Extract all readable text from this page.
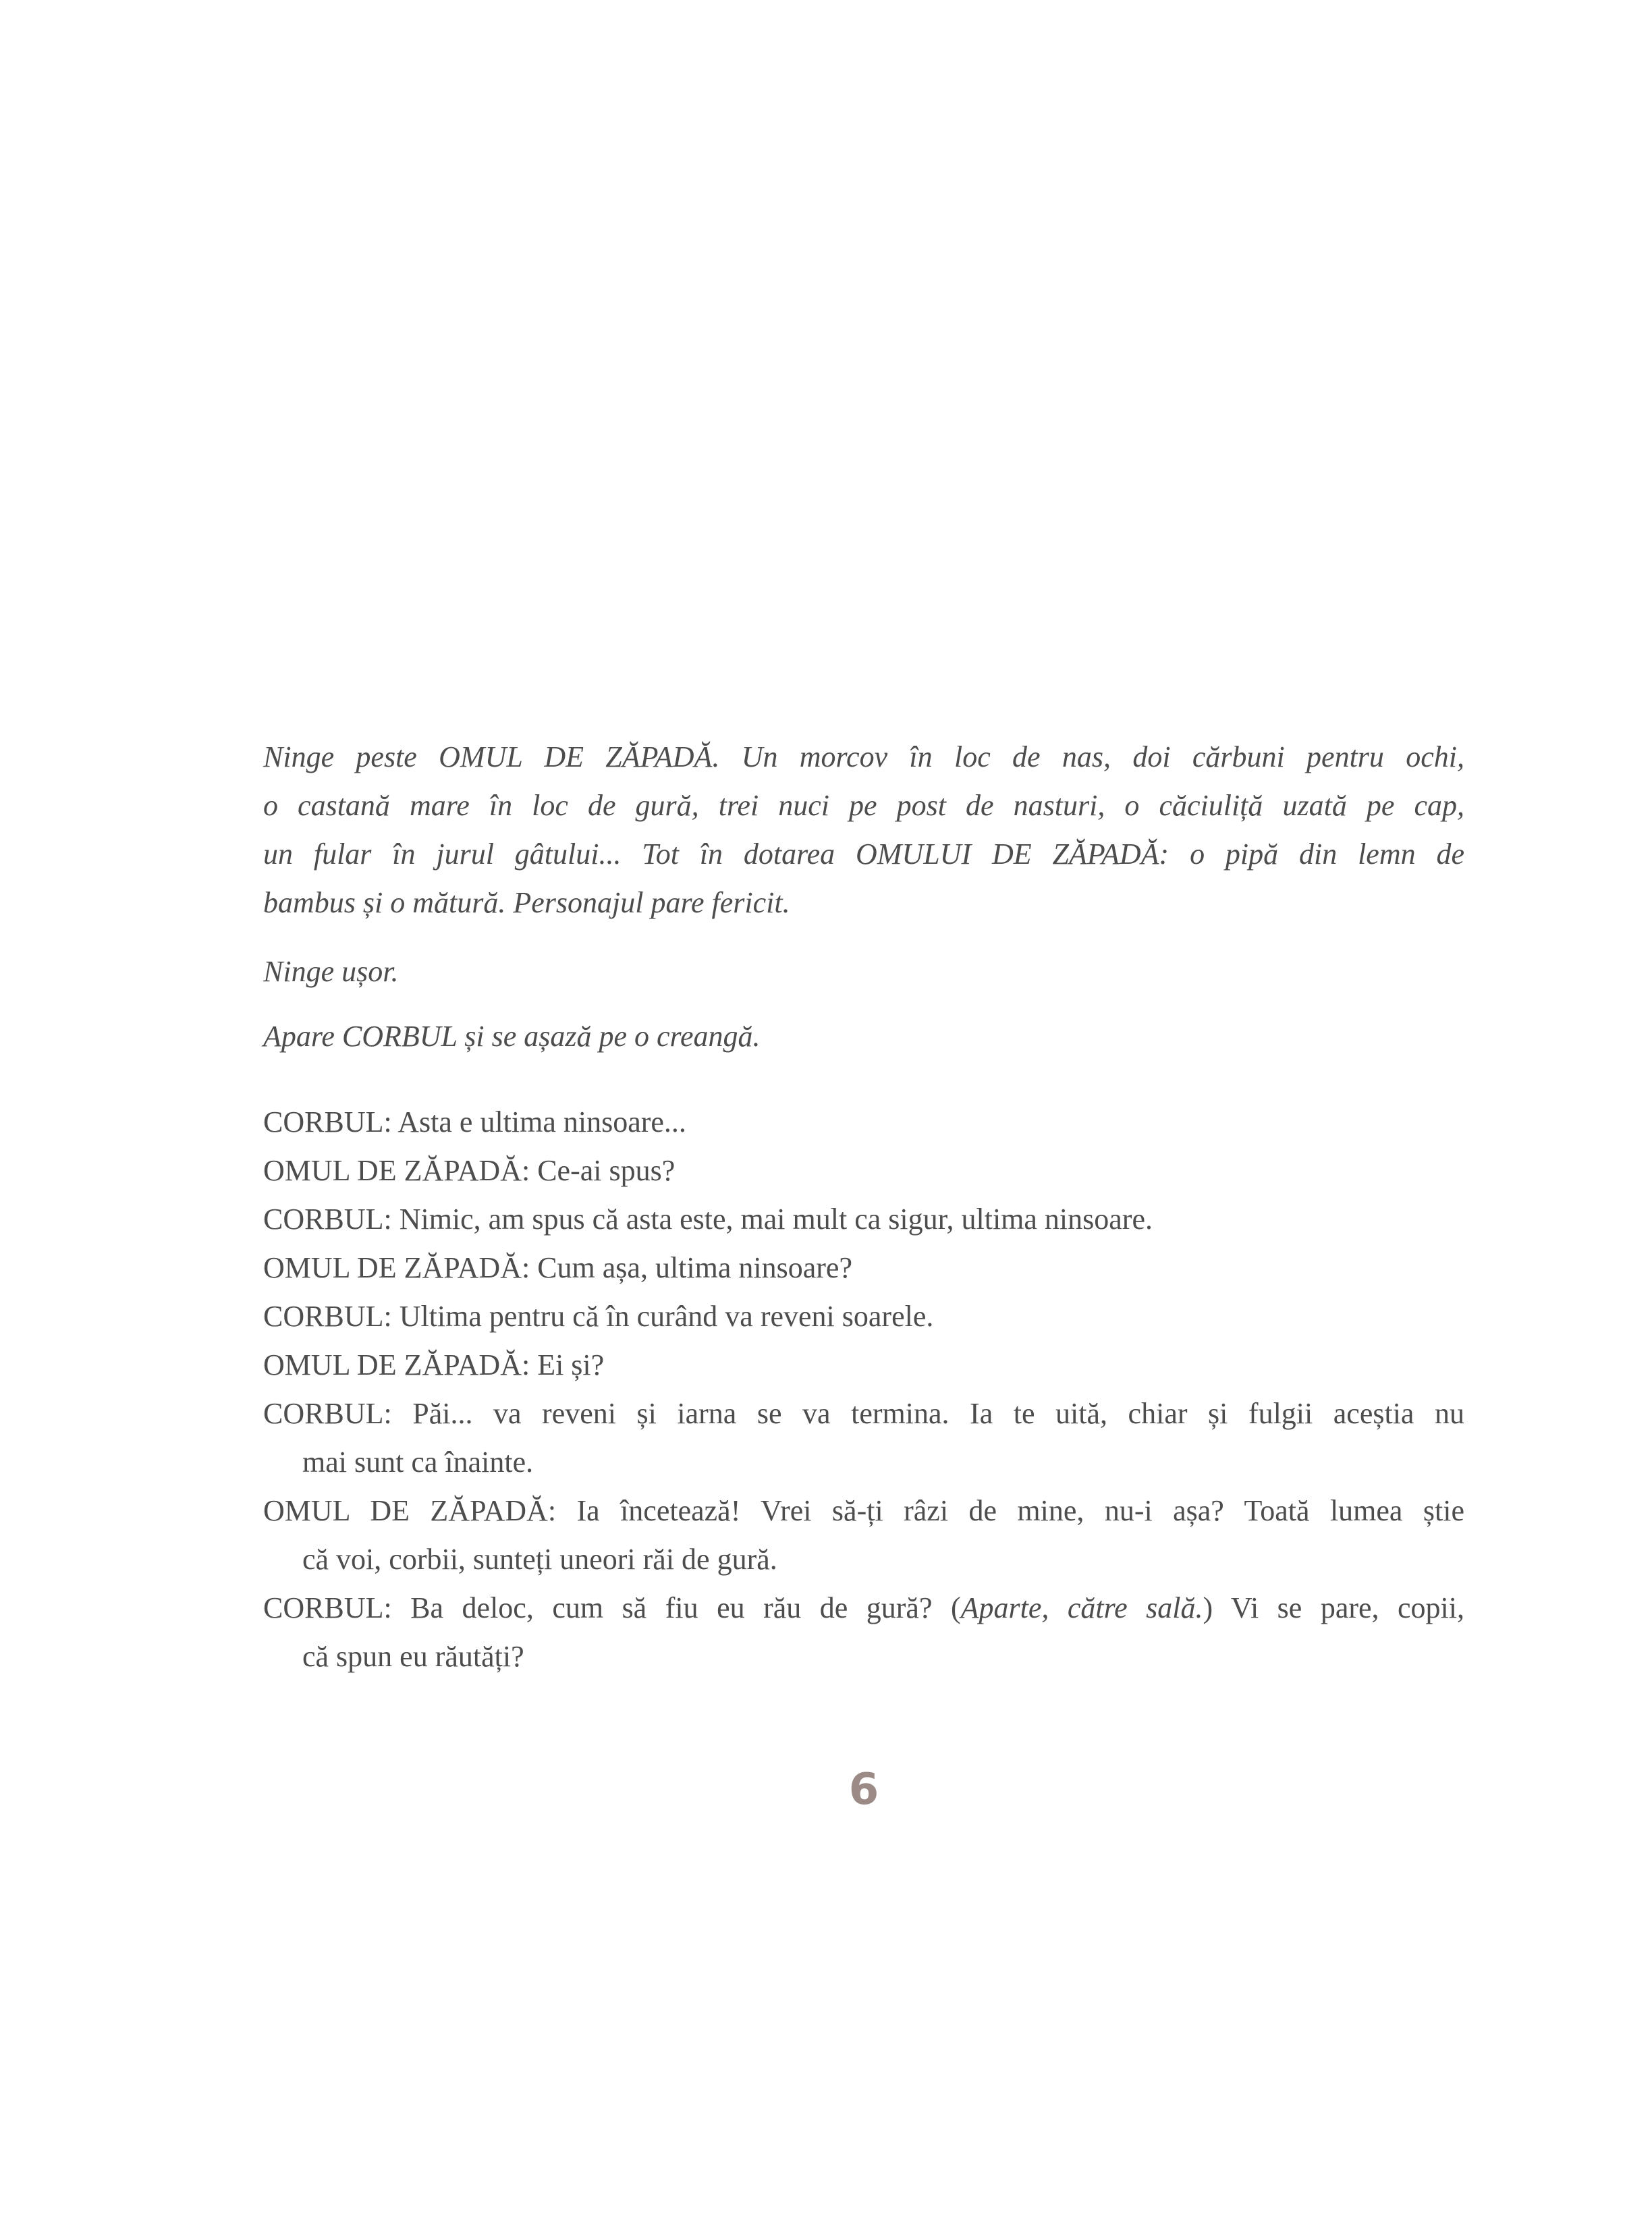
Ninge peste OMUL DE ZĂPADĂ. Un morcov în loc de nas, doi cărbuni pentru ochi,
o castană mare în loc de gură, trei nuci pe post de nasturi, o căciuliță uzată pe cap,
un fular în jurul gâtului... Tot în dotarea OMULUI DE ZĂPADĂ: o pipă din lemn de
bambus și o mătură. Personajul pare fericit.
Ninge ușor.
Apare CORBUL și se așază pe o creangă.
CORBUL: Asta e ultima ninsoare...
OMUL DE ZĂPADĂ: Ce-ai spus?
CORBUL: Nimic, am spus că asta este, mai mult ca sigur, ultima ninsoare.
OMUL DE ZĂPADĂ: Cum așa, ultima ninsoare?
CORBUL: Ultima pentru că în curând va reveni soarele.
OMUL DE ZĂPADĂ: Ei și?
CORBUL: Păi... va reveni și iarna se va termina. Ia te uită, chiar și fulgii aceștia nu
mai sunt ca înainte.
OMUL DE ZĂPADĂ: Ia încetează! Vrei să-ți râzi de mine, nu-i așa? Toată lumea știe
că voi, corbii, sunteți uneori răi de gură.
CORBUL: Ba deloc, cum să fiu eu rău de gură? (Aparte, către sală.) Vi se pare, copii,
că spun eu răutăți?
6
